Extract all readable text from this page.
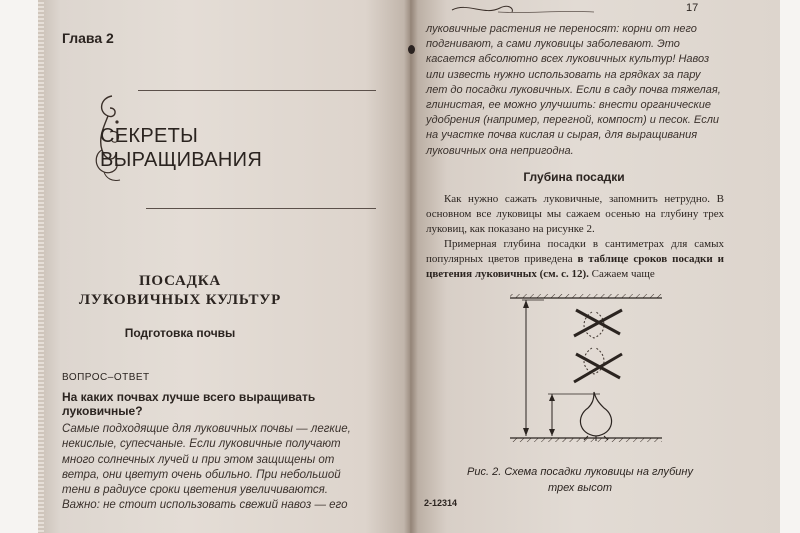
Глава 2
СЕКРЕТЫ
ВЫРАЩИВАНИЯ
ПОСАДКА
ЛУКОВИЧНЫХ КУЛЬТУР
Подготовка почвы
ВОПРОС–ОТВЕТ
На каких почвах лучше всего выращивать луковичные?
Самые подходящие для луковичных почвы — легкие, некислые, супесчаные. Если луковичные получают много солнечных лучей и при этом защищены от ветра, они цветут очень обильно. При небольшой тени в радиусе сроки цветения увеличиваются. Важно: не стоит использовать свежий навоз — его
17
луковичные растения не переносят: корни от него подгнивают, а сами луковицы заболевают. Это касается абсолютно всех луковичных культур! Навоз или известь нужно использовать на грядках за пару лет до посадки луковичных. Если в саду почва тяжелая, глинистая, ее можно улучшить: внести органические удобрения (например, перегной, компост) и песок. Если на участке почва кислая и сырая, для выращивания луковичных она непригодна.
Глубина посадки

Как нужно сажать луковичные, запомнить нетрудно. В основном все луковицы мы сажаем осенью на глубину трех луковиц, как показано на рисунке 2.

Примерная глубина посадки в сантиметрах для самых популярных цветов приведена в таблице сроков посадки и цветения луковичных (см. с. 12). Сажаем чаще

Рис. 2. Схема посадки луковицы на глубину
трех высот
2-12314
